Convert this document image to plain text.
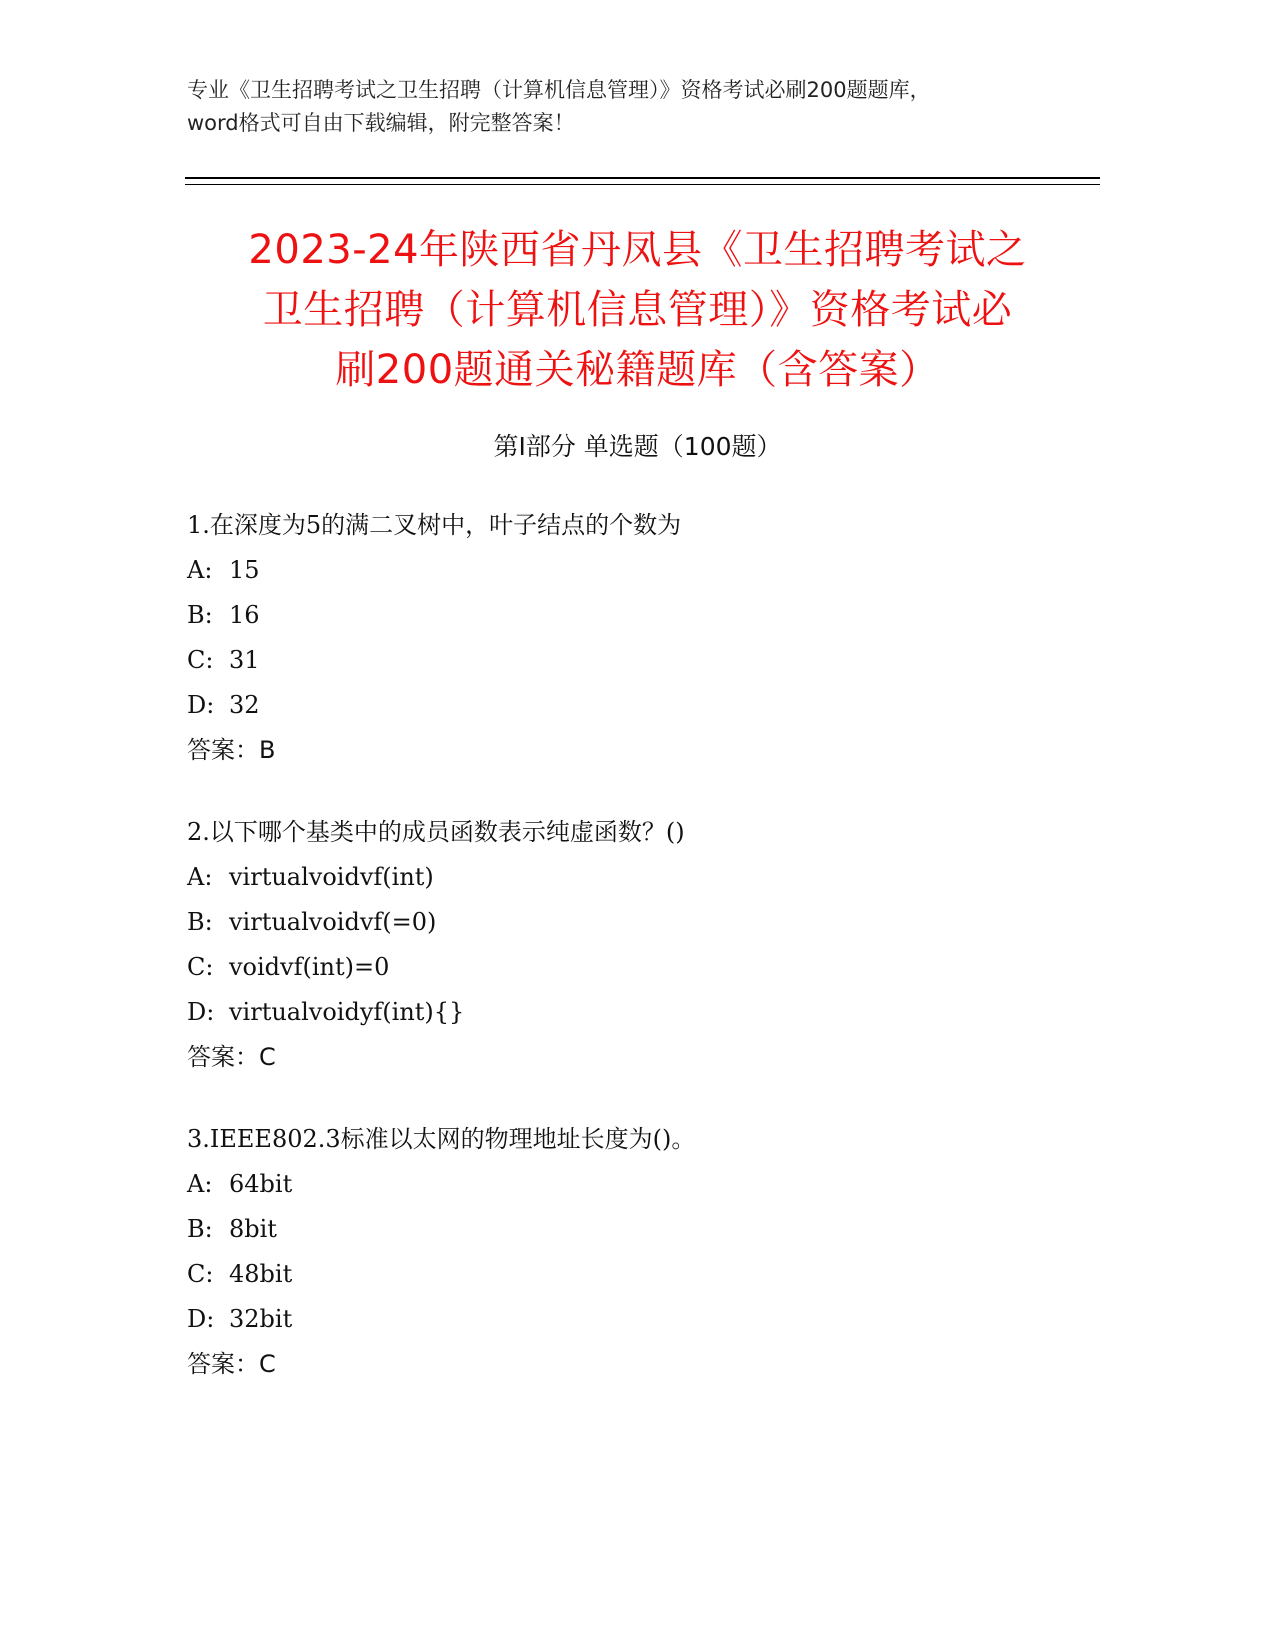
专业《卫生招聘考试之卫生招聘（计算机信息管理）》资格考试必刷200题题库，
word格式可自由下载编辑，附完整答案！
2023-24年陕西省丹凤县《卫生招聘考试之
卫生招聘（计算机信息管理）》资格考试必
刷200题通关秘籍题库（含答案）
第Ⅰ部分 单选题（100题）
1.在深度为5的满二叉树中，叶子结点的个数为
A: 15
B: 16
C: 31
D: 32
答案：B
2.以下哪个基类中的成员函数表示纯虚函数？()
A: virtualvoidvf(int)
B: virtualvoidvf(=0)
C: voidvf(int)=0
D: virtualvoidyf(int){}
答案：C
3.IEEE802.3标准以太网的物理地址长度为()。
A: 64bit
B: 8bit
C: 48bit
D: 32bit
答案：C
